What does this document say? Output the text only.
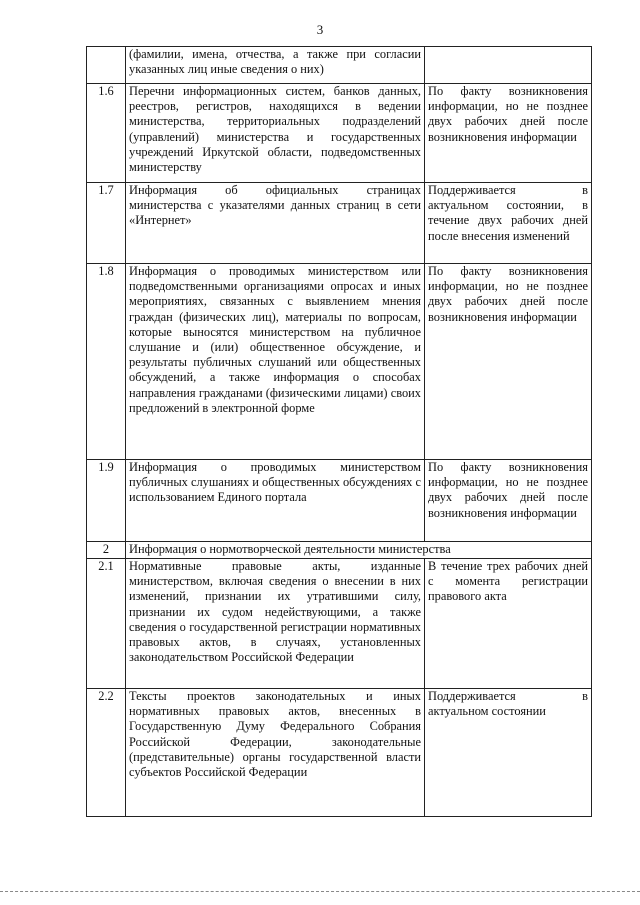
3
	(фамилии, имена, отчества, а также при согласии указанных лиц иные сведения о них)	
1.6	Перечни информационных систем, банков данных, реестров, регистров, находящихся в ведении министерства, территориальных подразделений (управлений) министерства и государственных учреждений Иркутской области, подведомственных министерству	По факту возникновения информации, но не позднее двух рабочих дней после возникновения информации
1.7	Информация об официальных страницах министерства с указателями данных страниц в сети «Интернет»	Поддерживается в актуальном состоянии, в течение двух рабочих дней после внесения изменений
1.8	Информация о проводимых министерством или подведомственными организациями опросах и иных мероприятиях, связанных с выявлением мнения граждан (физических лиц), материалы по вопросам, которые выносятся министерством на публичное слушание и (или) общественное обсуждение, и результаты публичных слушаний или общественных обсуждений, а также информация о способах направления гражданами (физическими лицами) своих предложений в электронной форме	По факту возникновения информации, но не позднее двух рабочих дней после возникновения информации
1.9	Информация о проводимых министерством публичных слушаниях и общественных обсуждениях с использованием Единого портала	По факту возникновения информации, но не позднее двух рабочих дней после возникновения информации
2	Информация о нормотворческой деятельности министерства	
2.1	Нормативные правовые акты, изданные министерством, включая сведения о внесении в них изменений, признании их утратившими силу, признании их судом недействующими, а также сведения о государственной регистрации нормативных правовых актов, в случаях, установленных законодательством Российской Федерации	В течение трех рабочих дней с момента регистрации правового акта
2.2	Тексты проектов законодательных и иных нормативных правовых актов, внесенных в Государственную Думу Федерального Собрания Российской Федерации, законодательные (представительные) органы государственной власти субъектов Российской Федерации	Поддерживается в актуальном состоянии
